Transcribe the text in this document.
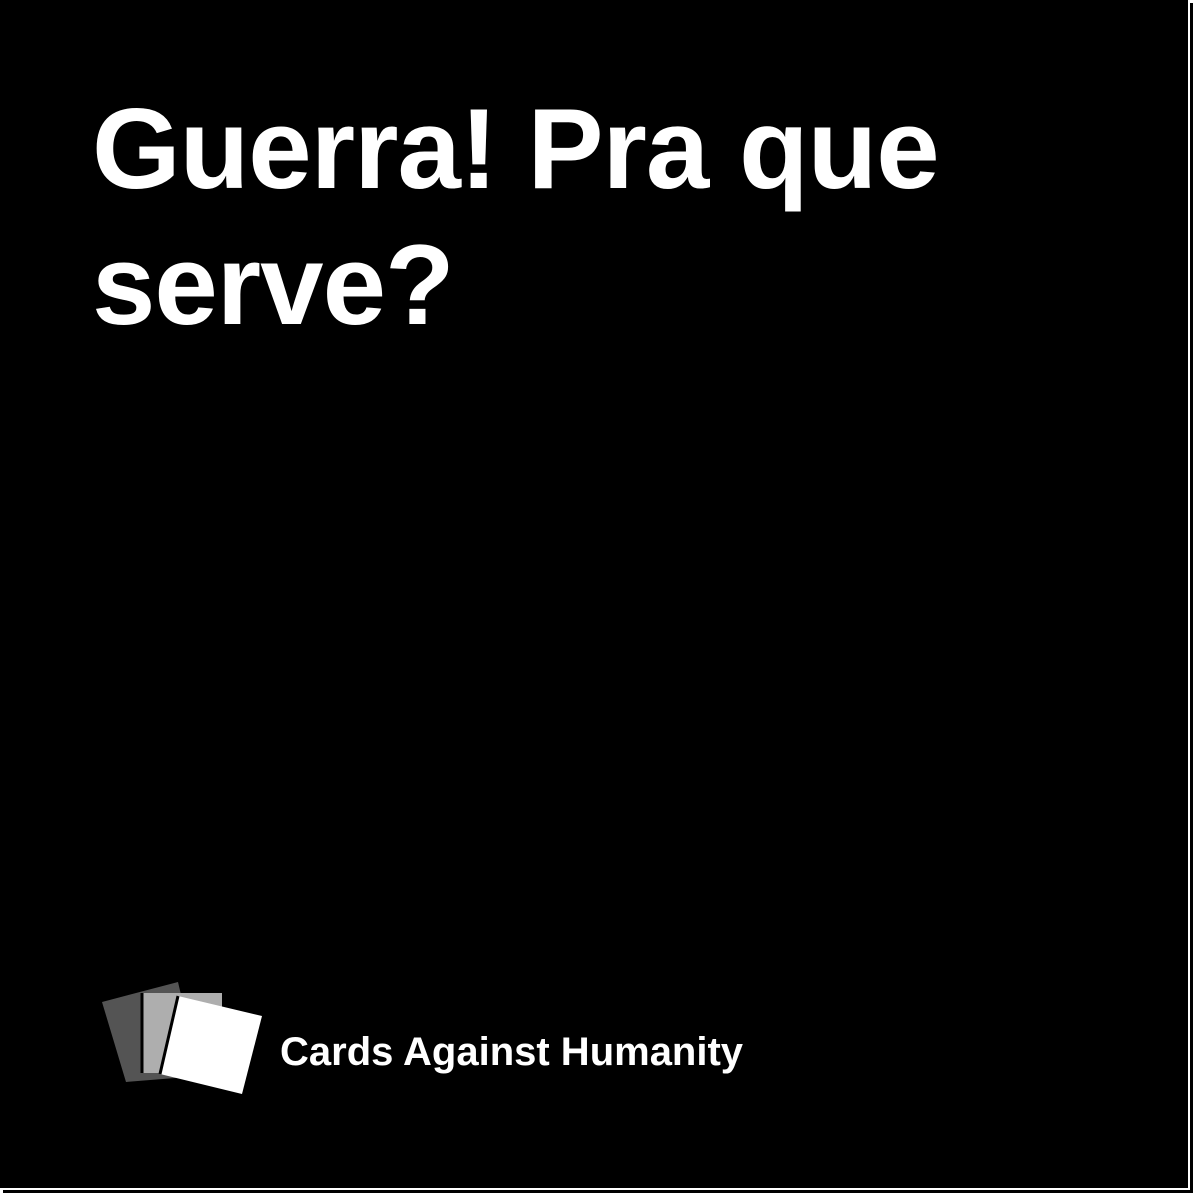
Guerra! Pra que serve?

Cards Against Humanity
